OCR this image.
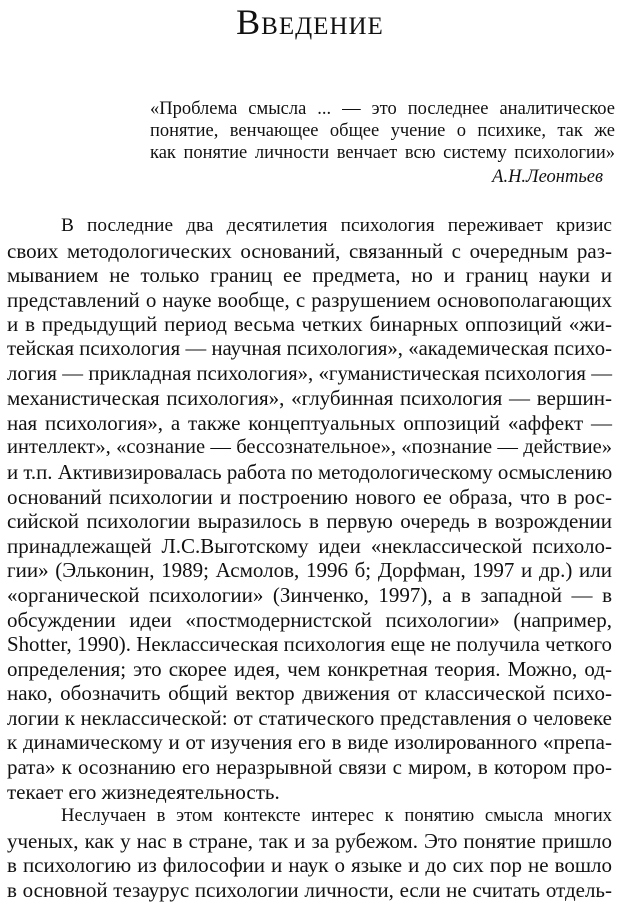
Введение
«Проблема смысла ... — это последнее аналитическое
понятие, венчающее общее учение о психике, так же
как понятие личности венчает всю систему психологии»
А.Н.Леонтьев
В последние два десятилетия психология переживает кризис
своих методологических оснований, связанный с очередным раз-
мыванием не только границ ее предмета, но и границ науки и
представлений о науке вообще, с разрушением основополагающих
и в предыдущий период весьма четких бинарных оппозиций «жи-
тейская психология — научная психология», «академическая психо-
логия — прикладная психология», «гуманистическая психология —
механистическая психология», «глубинная психология — вершин-
ная психология», а также концептуальных оппозиций «аффект —
интеллект», «сознание — бессознательное», «познание — действие»
и т.п. Активизировалась работа по методологическому осмыслению
оснований психологии и построению нового ее образа, что в рос-
сийской психологии выразилось в первую очередь в возрождении
принадлежащей Л.С.Выготскому идеи «неклассической психоло-
гии» (Эльконин, 1989; Асмолов, 1996 б; Дорфман, 1997 и др.) или
«органической психологии» (Зинченко, 1997), а в западной — в
обсуждении идеи «постмодернистской психологии» (например,
Shotter, 1990). Неклассическая психология еще не получила четкого
определения; это скорее идея, чем конкретная теория. Можно, од-
нако, обозначить общий вектор движения от классической психо-
логии к неклассической: от статического представления о человеке
к динамическому и от изучения его в виде изолированного «препа-
рата» к осознанию его неразрывной связи с миром, в котором про-
текает его жизнедеятельность.
Неслучаен в этом контексте интерес к понятию смысла многих
ученых, как у нас в стране, так и за рубежом. Это понятие пришло
в психологию из философии и наук о языке и до сих пор не вошло
в основной тезаурус психологии личности, если не считать отдель-
